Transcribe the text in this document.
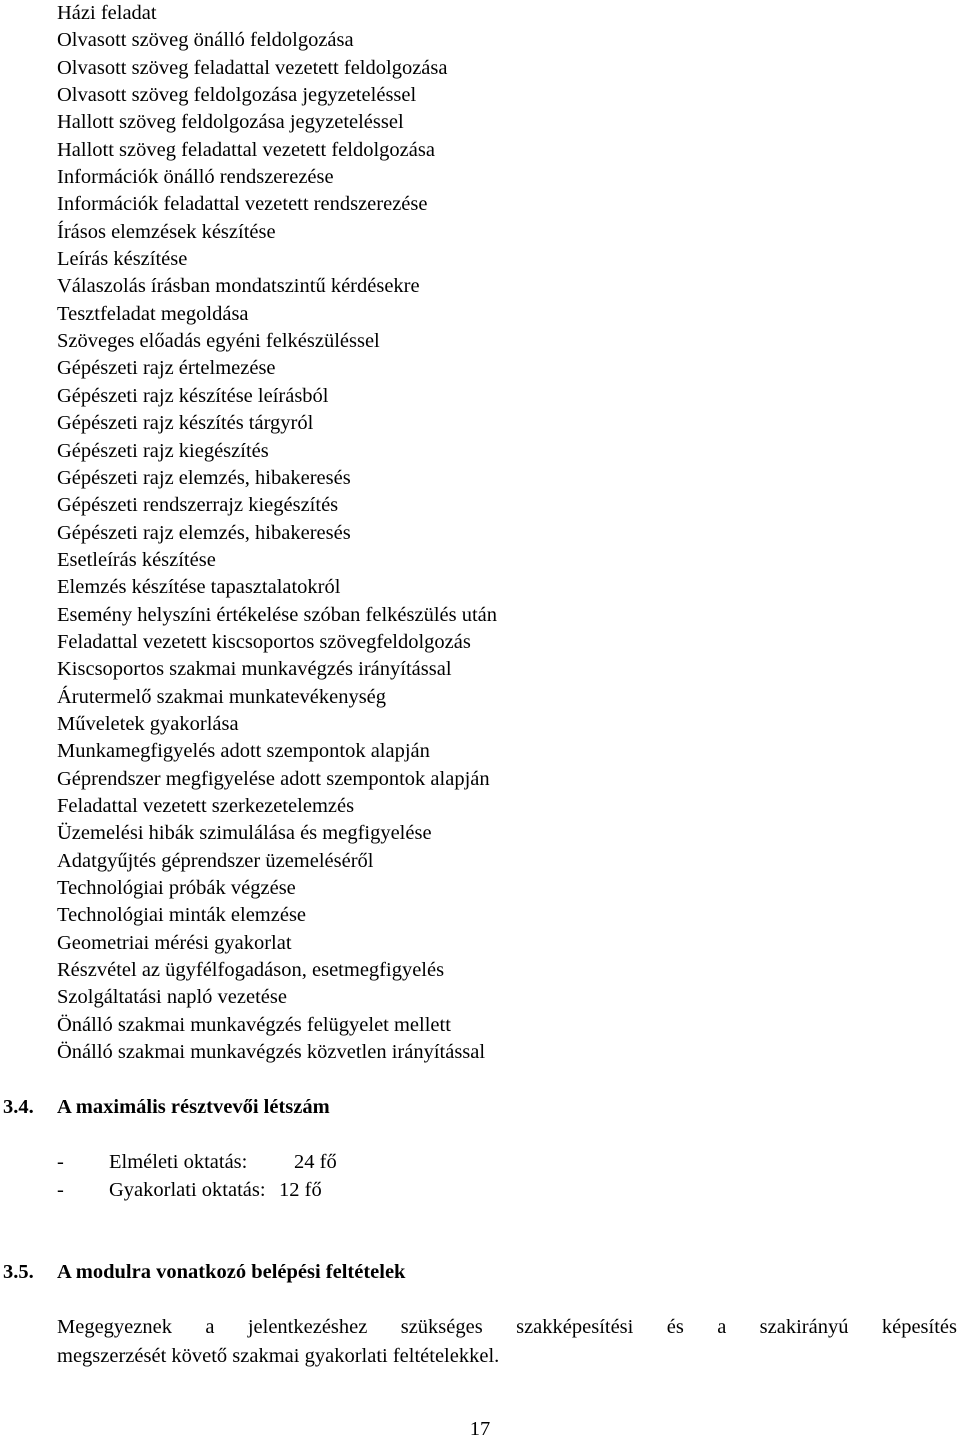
Házi feladat
Olvasott szöveg önálló feldolgozása
Olvasott szöveg feladattal vezetett feldolgozása
Olvasott szöveg feldolgozása jegyzeteléssel
Hallott szöveg feldolgozása jegyzeteléssel
Hallott szöveg feladattal vezetett feldolgozása
Információk önálló rendszerezése
Információk feladattal vezetett rendszerezése
Írásos elemzések készítése
Leírás készítése
Válaszolás írásban mondatszintű kérdésekre
Tesztfeladat megoldása
Szöveges előadás egyéni felkészüléssel
Gépészeti rajz értelmezése
Gépészeti rajz készítése leírásból
Gépészeti rajz készítés tárgyról
Gépészeti rajz kiegészítés
Gépészeti rajz elemzés, hibakeresés
Gépészeti rendszerrajz kiegészítés
Gépészeti rajz elemzés, hibakeresés
Esetleírás készítése
Elemzés készítése tapasztalatokról
Esemény helyszíni értékelése szóban felkészülés után
Feladattal vezetett kiscsoportos szövegfeldolgozás
Kiscsoportos szakmai munkavégzés irányítással
Árutermelő szakmai munkatevékenység
Műveletek gyakorlása
Munkamegfigyelés adott szempontok alapján
Géprendszer megfigyelése adott szempontok alapján
Feladattal vezetett szerkezetelemzés
Üzemelési hibák szimulálása és megfigyelése
Adatgyűjtés géprendszer üzemeléséről
Technológiai próbák végzése
Technológiai minták elemzése
Geometriai mérési gyakorlat
Részvétel az ügyfélfogadáson, esetmegfigyelés
Szolgáltatási napló vezetése
Önálló szakmai munkavégzés felügyelet mellett
Önálló szakmai munkavégzés közvetlen irányítással
3.4. A maximális résztvevői létszám
- Elméleti oktatás: 24 fő
- Gyakorlati oktatás: 12 fő
3.5. A modulra vonatkozó belépési feltételek
Megegyeznek a jelentkezéshez szükséges szakképesítési és a szakirányú képesítés
megszerzését követő szakmai gyakorlati feltételekkel.
17
